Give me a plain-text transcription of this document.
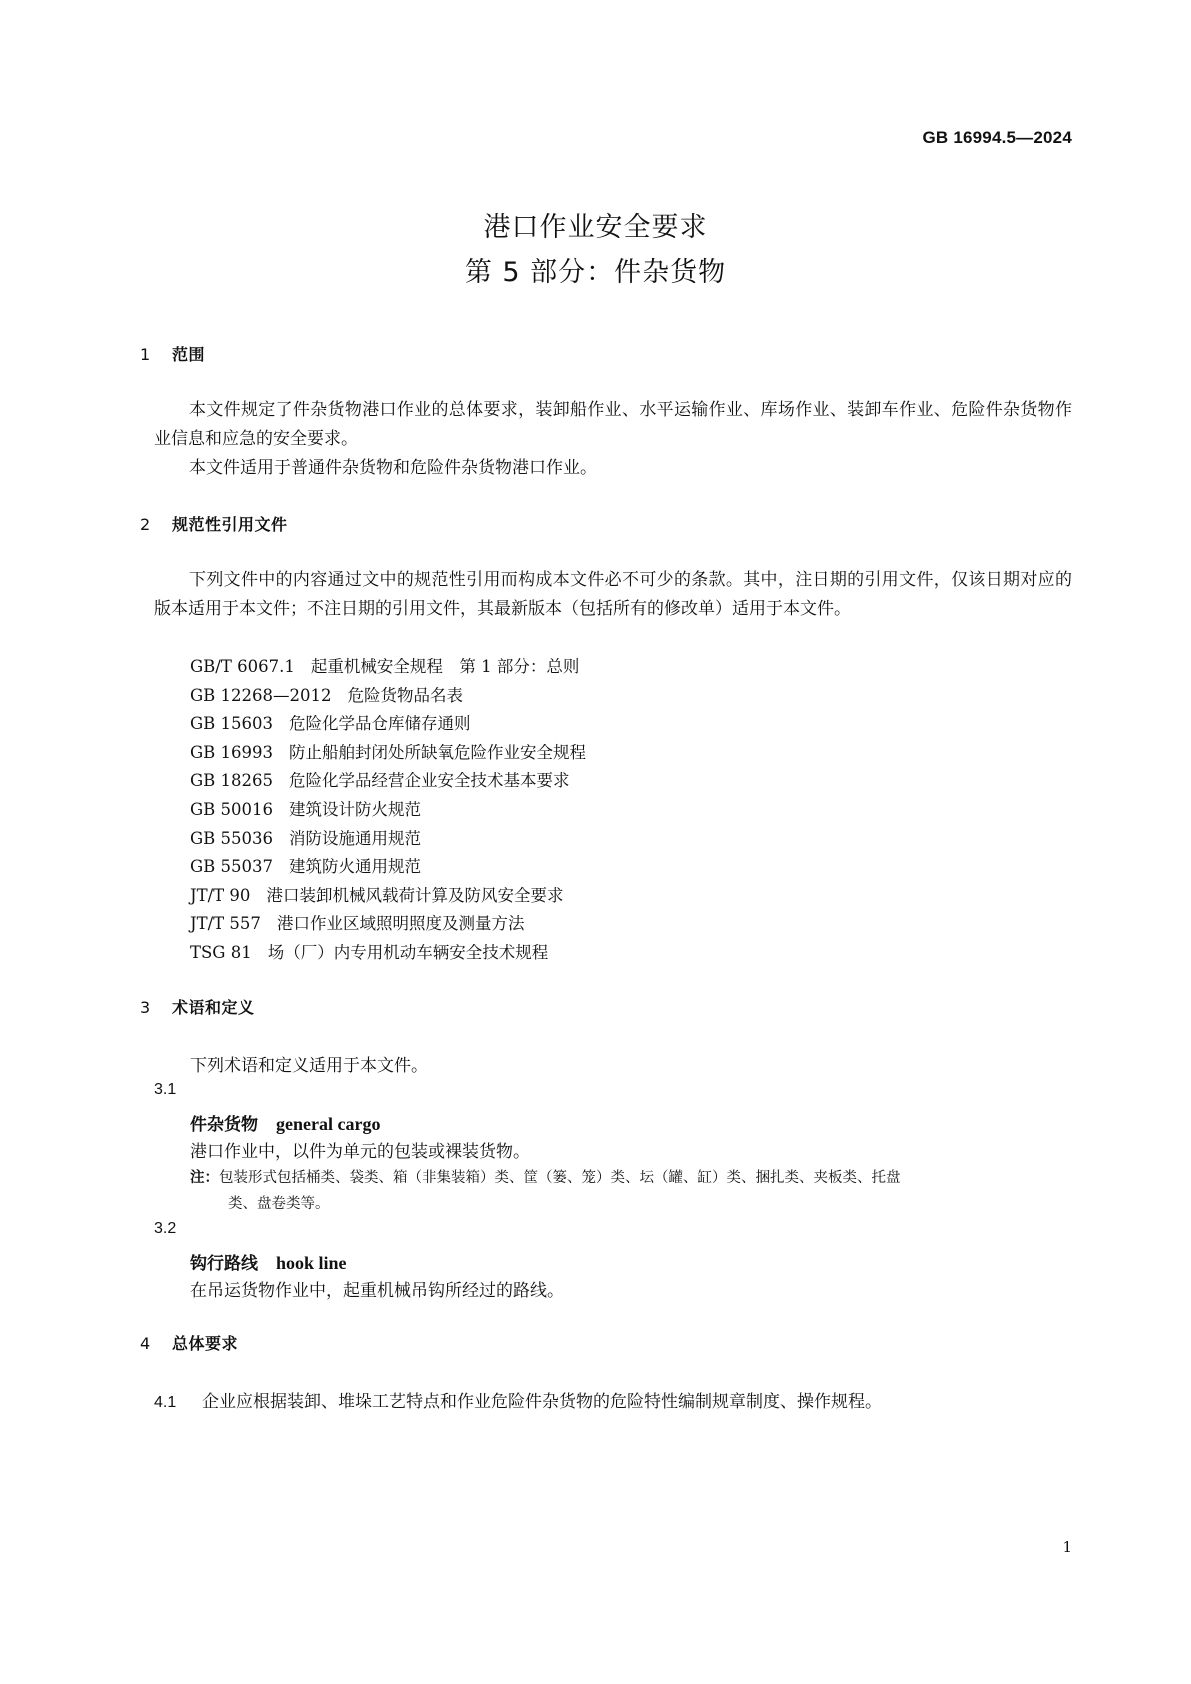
GB 16994.5—2024
港口作业安全要求
第 5 部分：件杂货物
1 范围

本文件规定了件杂货物港口作业的总体要求，装卸船作业、水平运输作业、库场作业、装卸车作业、危险件杂货物作业信息和应急的安全要求。

本文件适用于普通件杂货物和危险件杂货物港口作业。

2 规范性引用文件

下列文件中的内容通过文中的规范性引用而构成本文件必不可少的条款。其中，注日期的引用文件，仅该日期对应的版本适用于本文件；不注日期的引用文件，其最新版本（包括所有的修改单）适用于本文件。

GB/T 6067.1 起重机械安全规程　第 1 部分：总则
GB 12268—2012 危险货物品名表
GB 15603 危险化学品仓库储存通则
GB 16993 防止船舶封闭处所缺氧危险作业安全规程
GB 18265 危险化学品经营企业安全技术基本要求
GB 50016 建筑设计防火规范
GB 55036 消防设施通用规范
GB 55037 建筑防火通用规范
JT/T 90 港口装卸机械风载荷计算及防风安全要求
JT/T 557 港口作业区域照明照度及测量方法
TSG 81 场（厂）内专用机动车辆安全技术规程
3 术语和定义
下列术语和定义适用于本文件。
3.1
件杂货物 general cargo
港口作业中，以件为单元的包装或裸装货物。
注：包装形式包括桶类、袋类、箱（非集装箱）类、筐（篓、笼）类、坛（罐、缸）类、捆扎类、夹板类、托盘
类、盘卷类等。
3.2
钩行路线 hook line
在吊运货物作业中，起重机械吊钩所经过的路线。
4 总体要求
4.1 企业应根据装卸、堆垛工艺特点和作业危险件杂货物的危险特性编制规章制度、操作规程。
1
